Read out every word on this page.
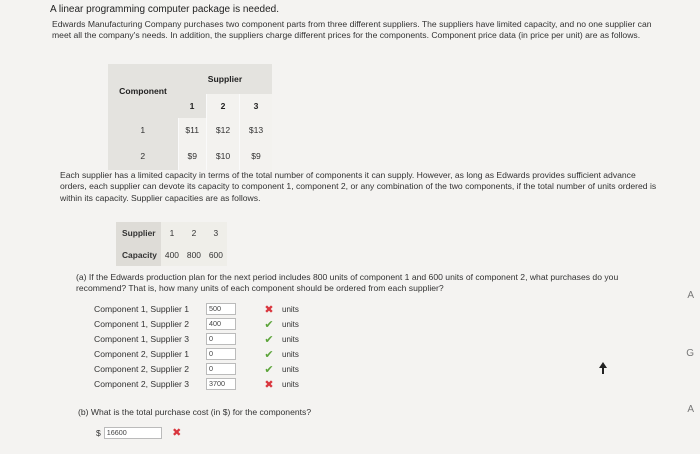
A linear programming computer package is needed.
Edwards Manufacturing Company purchases two component parts from three different suppliers. The suppliers have limited capacity, and no one supplier can meet all the company's needs. In addition, the suppliers charge different prices for the components. Component price data (in price per unit) are as follows.
Component	Supplier		
	1	2	3
1	$11	$12	$13
2	$9	$10	$9
Each supplier has a limited capacity in terms of the total number of components it can supply. However, as long as Edwards provides sufficient advance orders, each supplier can devote its capacity to component 1, component 2, or any combination of the two components, if the total number of units ordered is within its capacity. Supplier capacities are as follows.
Supplier	1	2	3
Capacity	400	800	600
(a) If the Edwards production plan for the next period includes 800 units of component 1 and 600 units of component 2, what purchases do you recommend? That is, how many units of each component should be ordered from each supplier?
Component 1, Supplier 1
500	✖	units
Component 1, Supplier 2
400	✔	units
Component 1, Supplier 3
0	✔	units
Component 2, Supplier 1
0	✔	units
Component 2, Supplier 2
0	✔	units
Component 2, Supplier 3
3700	✖	units
(b) What is the total purchase cost (in $) for the components?
$
16600	✖
A
G
A
